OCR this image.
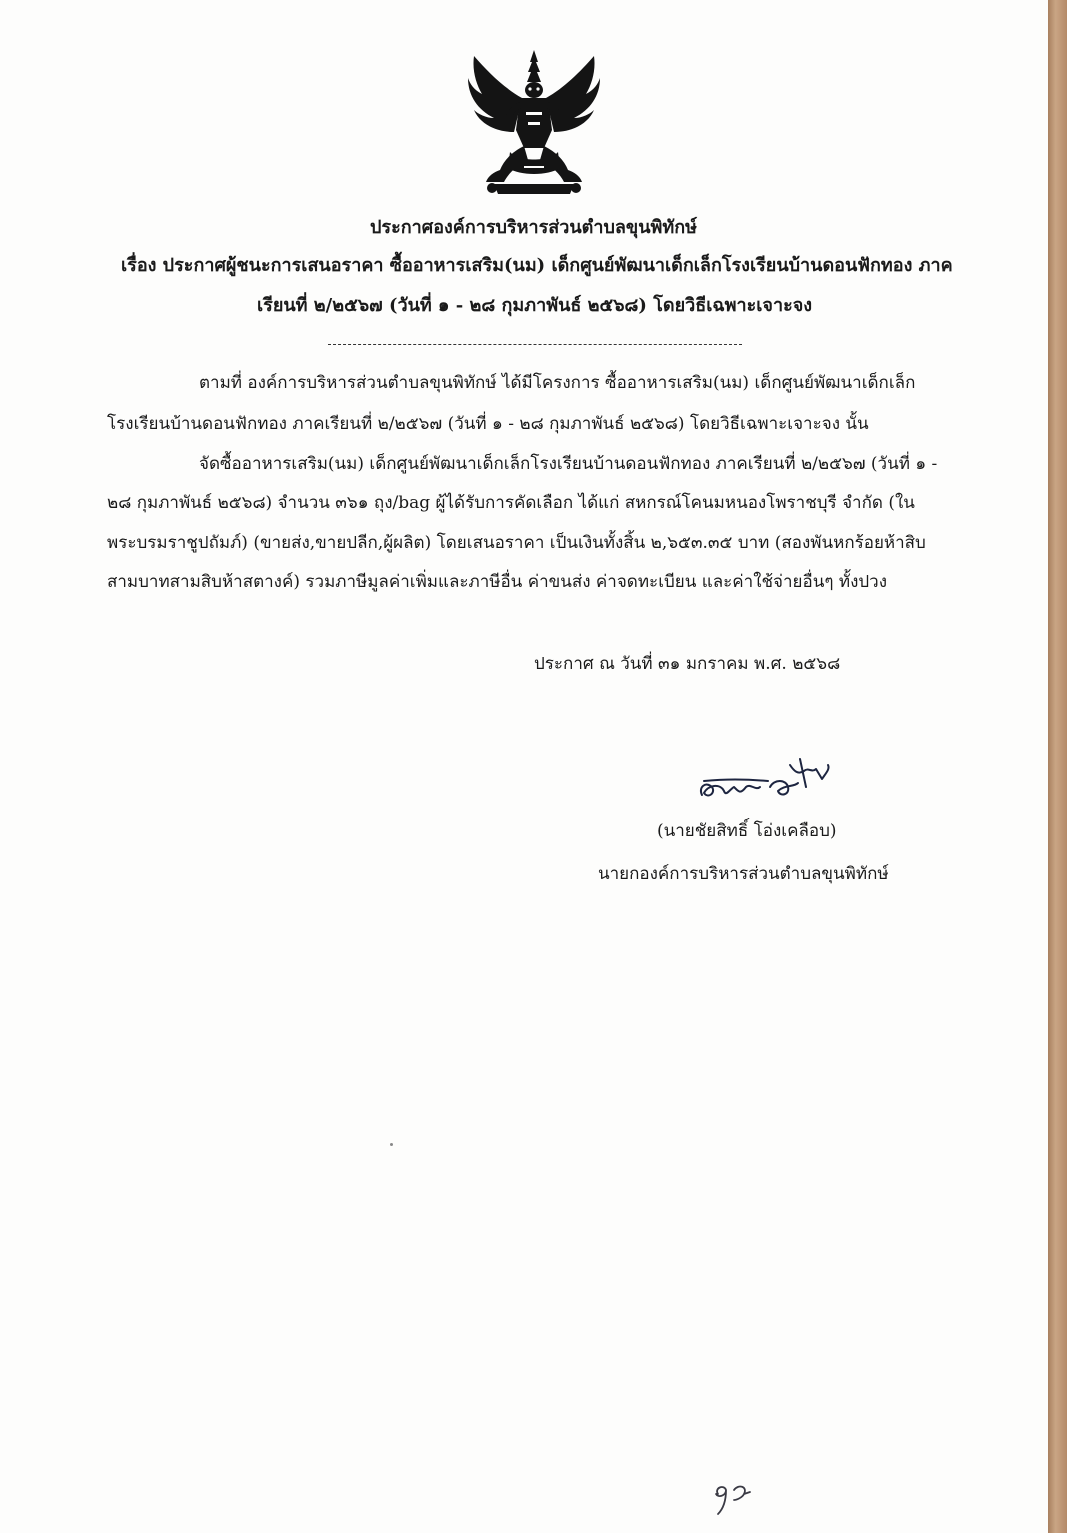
ประกาศองค์การบริหารส่วนตำบลขุนพิทักษ์
เรื่อง ประกาศผู้ชนะการเสนอราคา ซื้ออาหารเสริม(นม) เด็กศูนย์พัฒนาเด็กเล็กโรงเรียนบ้านดอนฟักทอง ภาค
เรียนที่ ๒/๒๕๖๗ (วันที่ ๑ - ๒๘ กุมภาพันธ์ ๒๕๖๘) โดยวิธีเฉพาะเจาะจง
ตามที่ องค์การบริหารส่วนตำบลขุนพิทักษ์ ได้มีโครงการ ซื้ออาหารเสริม(นม) เด็กศูนย์พัฒนาเด็กเล็ก
โรงเรียนบ้านดอนฟักทอง ภาคเรียนที่ ๒/๒๕๖๗ (วันที่ ๑ - ๒๘ กุมภาพันธ์ ๒๕๖๘) โดยวิธีเฉพาะเจาะจง นั้น
จัดซื้ออาหารเสริม(นม) เด็กศูนย์พัฒนาเด็กเล็กโรงเรียนบ้านดอนฟักทอง ภาคเรียนที่ ๒/๒๕๖๗ (วันที่ ๑ -
๒๘ กุมภาพันธ์ ๒๕๖๘) จำนวน ๓๖๑ ถุง/bag ผู้ได้รับการคัดเลือก ได้แก่ สหกรณ์โคนมหนองโพราชบุรี จำกัด (ใน
พระบรมราชูปถัมภ์) (ขายส่ง,ขายปลีก,ผู้ผลิต) โดยเสนอราคา เป็นเงินทั้งสิ้น ๒,๖๕๓.๓๕ บาท (สองพันหกร้อยห้าสิบ
สามบาทสามสิบห้าสตางค์) รวมภาษีมูลค่าเพิ่มและภาษีอื่น ค่าขนส่ง ค่าจดทะเบียน และค่าใช้จ่ายอื่นๆ ทั้งปวง
ประกาศ ณ วันที่ ๓๑ มกราคม พ.ศ. ๒๕๖๘
(นายชัยสิทธิ์ โอ่งเคลือบ)
นายกองค์การบริหารส่วนตำบลขุนพิทักษ์
